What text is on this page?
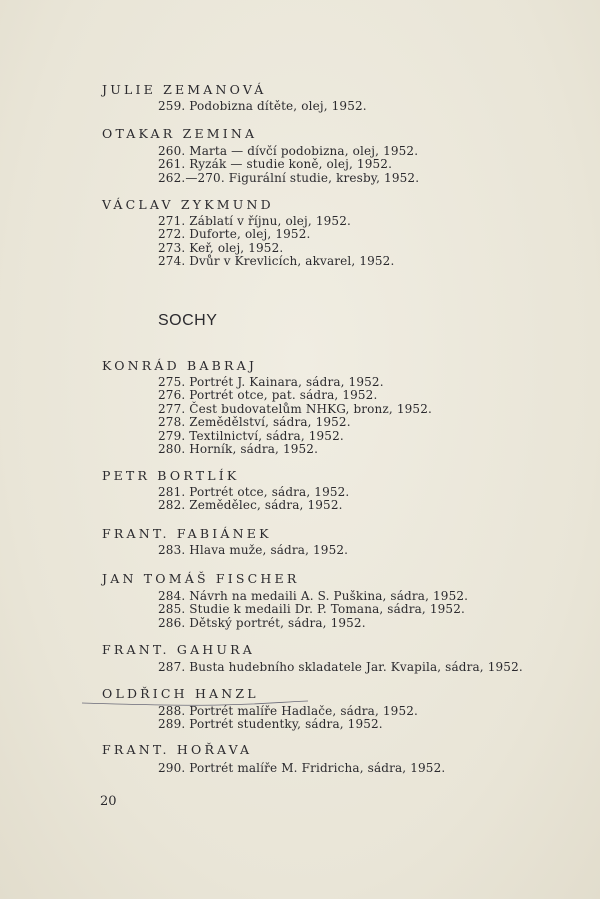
JULIE ZEMANOVÁ
259. Podobizna dítěte, olej, 1952.
OTAKAR ZEMINA
260. Marta — dívčí podobizna, olej, 1952.
261. Ryzák — studie koně, olej, 1952.
262.—270. Figurální studie, kresby, 1952.
VÁCLAV ZYKMUND
271. Záblatí v říjnu, olej, 1952.
272. Duforte, olej, 1952.
273. Keř, olej, 1952.
274. Dvůr v Krevlicích, akvarel, 1952.
SOCHY
KONRÁD BABRAJ
275. Portrét J. Kainara, sádra, 1952.
276. Portrét otce, pat. sádra, 1952.
277. Čest budovatelům NHKG, bronz, 1952.
278. Zemědělství, sádra, 1952.
279. Textilnictví, sádra, 1952.
280. Horník, sádra, 1952.
PETR BORTLÍK
281. Portrét otce, sádra, 1952.
282. Zemědělec, sádra, 1952.
FRANT. FABIÁNEK
283. Hlava muže, sádra, 1952.
JAN TOMÁŠ FISCHER
284. Návrh na medaili A. S. Puškina, sádra, 1952.
285. Studie k medaili Dr. P. Tomana, sádra, 1952.
286. Dětský portrét, sádra, 1952.
FRANT. GAHURA
287. Busta hudebního skladatele Jar. Kvapila, sádra, 1952.
OLDŘICH HANZL
288. Portrét malíře Hadlače, sádra, 1952.
289. Portrét studentky, sádra, 1952.
FRANT. HOŘAVA
290. Portrét malíře M. Fridricha, sádra, 1952.
20
